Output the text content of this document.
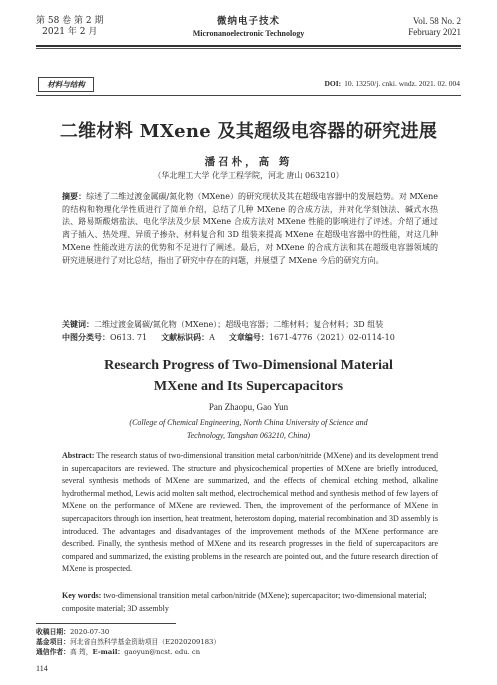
第 58 卷 第 2 期
2021 年 2 月
微纳电子技术
Micronanoelectronic Technology
Vol. 58 No. 2
February 2021
材料与结构	DOI: 10. 13250/j. cnki. wndz. 2021. 02. 004
二维材料 MXene 及其超级电容器的研究进展
潘召朴，高 筠
（华北理工大学 化学工程学院，河北 唐山 063210）

摘要：综述了二维过渡金属碳/氮化物（MXene）的研究现状及其在超级电容器中的发展趋势。对 MXene 的结构和物理化学性质进行了简单介绍，总结了几种 MXene 的合成方法，并对化学刻蚀法、碱式水热法、路易斯酸熔盐法、电化学法及少层 MXene 合成方法对 MXene 性能的影响进行了评述。介绍了通过离子插入、热处理、异质子掺杂、材料复合和 3D 组装来提高 MXene 在超级电容器中的性能，对这几种 MXene 性能改进方法的优势和不足进行了阐述。最后，对 MXene 的合成方法和其在超级电容器领域的研究进展进行了对比总结，指出了研究中存在的问题，并展望了 MXene 今后的研究方向。

关键词：二维过渡金属碳/氮化物（MXene）；超级电容器；二维材料；复合材料；3D 组装
中图分类号：O613. 71 文献标识码：A 文章编号：1671-4776（2021）02-0114-10
Research Progress of Two-Dimensional Material
MXene and Its Supercapacitors
Pan Zhaopu, Gao Yun
(College of Chemical Engineering, North China University of Science and Technology, Tangshan 063210, China)
Abstract: The research status of two-dimensional transition metal carbon/nitride (MXene) and its development trend in supercapacitors are reviewed. The structure and physicochemical properties of MXene are briefly introduced, several synthesis methods of MXene are summarized, and the effects of chemical etching method, alkaline hydrothermal method, Lewis acid molten salt method, electrochemical method and synthesis method of few layers of MXene on the performance of MXene are reviewed. Then, the improvement of the performance of MXene in supercapacitors through ion insertion, heat treatment, heterostom doping, material recombination and 3D assembly is introduced. The advantages and disadvantages of the improvement methods of the MXene performance are described. Finally, the synthesis method of MXene and its research progresses in the field of supercapacitors are compared and summarized, the existing problems in the research are pointed out, and the future research direction of MXene is prospected.
Key words: two-dimensional transition metal carbon/nitride (MXene); supercapacitor; two-dimensional material; composite material; 3D assembly
收稿日期：2020-07-30
基金项目：河北省自然科学基金资助项目（E2020209183）
通信作者：高 筠，E-mail：gaoyun@ncst. edu. cn
114
